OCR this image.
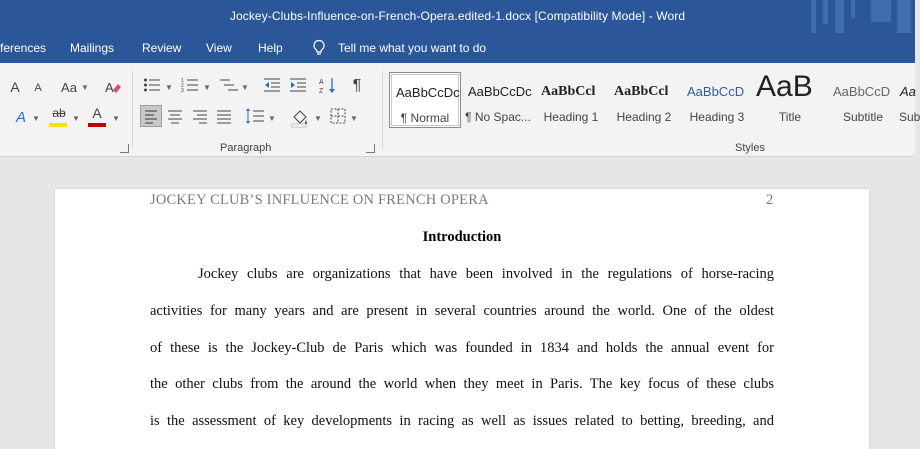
Jockey-Clubs-Influence-on-French-Opera.edited-1.docx [Compatibility Mode] - Word
ferences Mailings Review View Help	Tell me what you want to do
A	A	Aa ▼ A
A ▼	ab ▼ A	▼
▼
1
2
3 ▼	▼
A
Z ¶
▼	▼	▼
Paragraph
AaBbCcDc
¶ Normal
AaBbCcDc
¶ No Spac...
AaBbCcl
Heading 1
AaBbCcl
Heading 2
AaBbCcD
Heading 3
AaB
Title
AaBbCcD
Subtitle
Aa
Sub
Styles
JOCKEY CLUB’S INFLUENCE ON FRENCH OPERA	2
Introduction
Jockey clubs are organizations that have been involved in the regulations of horse-racing
activities for many years and are present in several countries around the world. One of the oldest
of these is the Jockey-Club de Paris which was founded in 1834 and holds the annual event for
the other clubs from the around the world when they meet in Paris. The key focus of these clubs
is the assessment of key developments in racing as well as issues related to betting, breeding, and
